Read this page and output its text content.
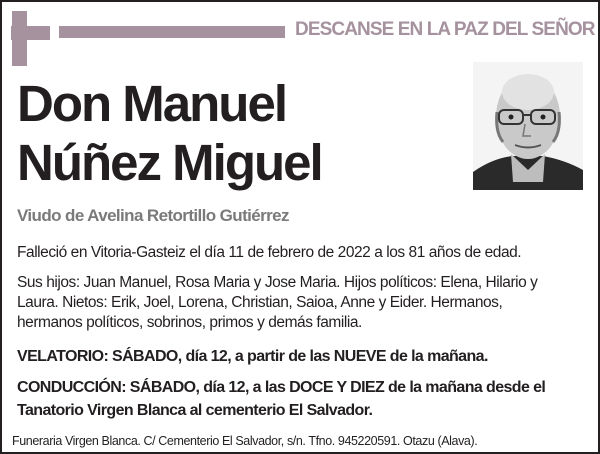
DESCANSE EN LA PAZ DEL SEÑOR
Don Manuel
Núñez Miguel
Viudo de Avelina Retortillo Gutiérrez
Falleció en Vitoria-Gasteiz el día 11 de febrero de 2022 a los 81 años de edad.
Sus hijos: Juan Manuel, Rosa Maria y Jose Maria. Hijos políticos: Elena, Hilario y
Laura. Nietos: Erik, Joel, Lorena, Christian, Saioa, Anne y Eider. Hermanos,
hermanos políticos, sobrinos, primos y demás familia.
VELATORIO: SÁBADO, día 12, a partir de las NUEVE de la mañana.
CONDUCCIÓN: SÁBADO, día 12, a las DOCE Y DIEZ de la mañana desde el
Tanatorio Virgen Blanca al cementerio El Salvador.
Funeraria Virgen Blanca. C/ Cementerio El Salvador, s/n. Tfno. 945220591. Otazu (Alava).
